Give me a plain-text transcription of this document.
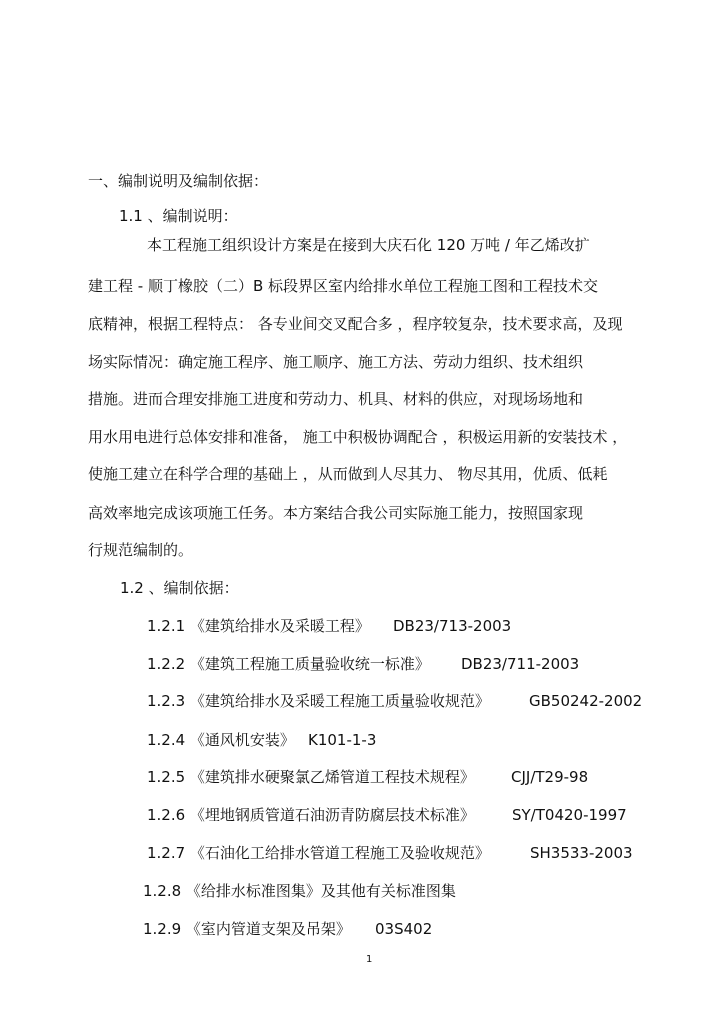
一、编制说明及编制依据：
1.1 、编制说明：
本工程施工组织设计方案是在接到大庆石化 120 万吨 / 年乙烯改扩
建工程 - 顺丁橡胶（二）B 标段界区室内给排水单位工程施工图和工程技术交
底精神，根据工程特点： 各专业间交叉配合多 ，程序较复杂，技术要求高，及现
场实际情况：确定施工程序、施工顺序、施工方法、劳动力组织、技术组织
措施。进而合理安排施工进度和劳动力、机具、材料的供应，对现场场地和
用水用电进行总体安排和准备， 施工中积极协调配合 ，积极运用新的安装技术 ，
使施工建立在科学合理的基础上 ，从而做到人尽其力、 物尽其用，优质、低耗
高效率地完成该项施工任务。本方案结合我公司实际施工能力，按照国家现
行规范编制的。
1.2 、编制依据：
1.2.1 《建筑给排水及采暖工程》 DB23/713-2003
1.2.2 《建筑工程施工质量验收统一标准》 DB23/711-2003
1.2.3 《建筑给排水及采暖工程施工质量验收规范》	GB50242-2002
1.2.4 《通风机安装》 K101-1-3
1.2.5 《建筑排水硬聚氯乙烯管道工程技术规程》 CJJ/T29-98
1.2.6 《埋地钢质管道石油沥青防腐层技术标准》 SY/T0420-1997
1.2.7 《石油化工给排水管道工程施工及验收规范》	SH3533-2003
1.2.8 《给排水标准图集》及其他有关标准图集
1.2.9 《室内管道支架及吊架》 03S402
1
